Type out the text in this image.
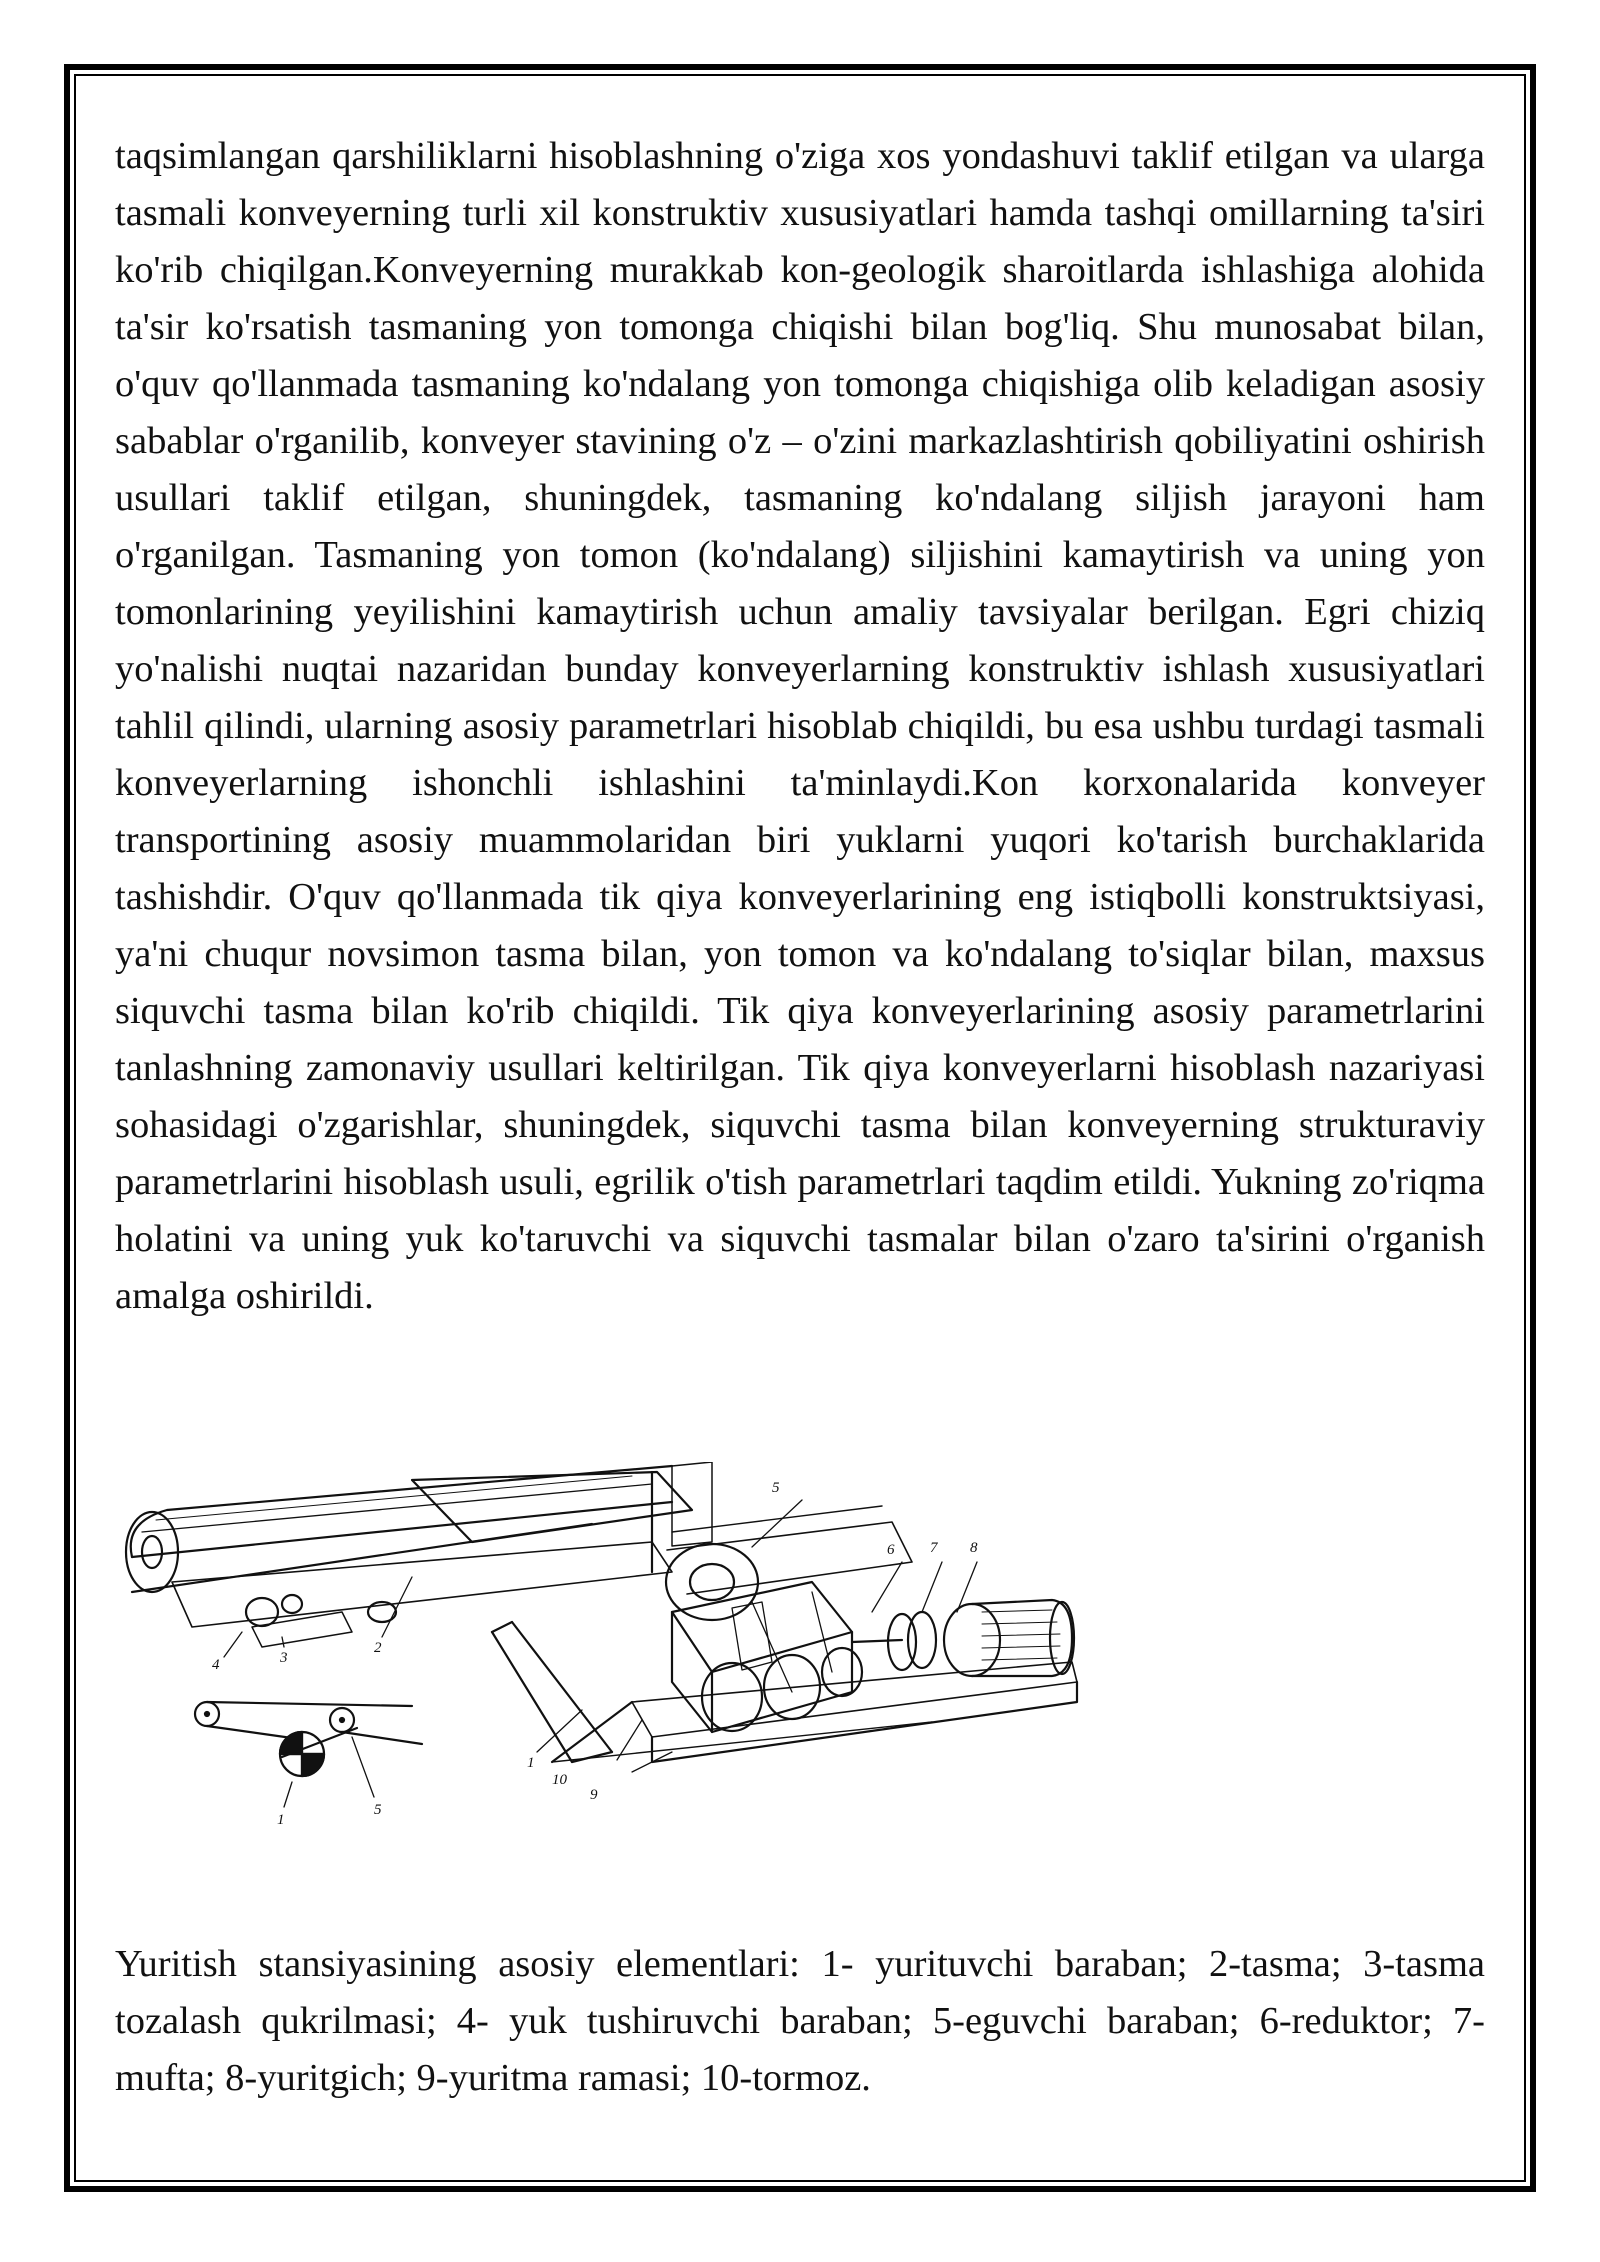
taqsimlangan qarshiliklarni hisoblashning o'ziga xos yondashuvi taklif etilgan va ularga tasmali konveyerning turli xil konstruktiv xususiyatlari hamda tashqi omillarning ta'siri ko'rib chiqilgan.Konveyerning murakkab kon-geologik sharoitlarda ishlashiga alohida ta'sir ko'rsatish tasmaning yon tomonga chiqishi bilan bog'liq. Shu munosabat bilan, o'quv qo'llanmada tasmaning ko'ndalang yon tomonga chiqishiga olib keladigan asosiy sabablar o'rganilib, konveyer stavining o'z – o'zini markazlashtirish qobiliyatini oshirish usullari taklif etilgan, shuningdek, tasmaning ko'ndalang siljish jarayoni ham o'rganilgan. Tasmaning yon tomon (ko'ndalang) siljishini kamaytirish va uning yon tomonlarining yeyilishini kamaytirish uchun amaliy tavsiyalar berilgan. Egri chiziq yo'nalishi nuqtai nazaridan bunday konveyerlarning konstruktiv ishlash xususiyatlari tahlil qilindi, ularning asosiy parametrlari hisoblab chiqildi, bu esa ushbu turdagi tasmali konveyerlarning ishonchli ishlashini ta'minlaydi.Kon korxonalarida konveyer transportining asosiy muammolaridan biri yuklarni yuqori ko'tarish burchaklarida tashishdir. O'quv qo'llanmada tik qiya konveyerlarining eng istiqbolli konstruktsiyasi, ya'ni chuqur novsimon tasma bilan, yon tomon va ko'ndalang to'siqlar bilan, maxsus siquvchi tasma bilan ko'rib chiqildi. Tik qiya konveyerlarining asosiy parametrlarini tanlashning zamonaviy usullari keltirilgan. Tik qiya konveyerlarni hisoblash nazariyasi sohasidagi o'zgarishlar, shuningdek, siquvchi tasma bilan konveyerning strukturaviy parametrlarini hisoblash usuli, egrilik o'tish parametrlari taqdim etildi. Yukning zo'riqma holatini va uning yuk ko'taruvchi va siquvchi tasmalar bilan o'zaro ta'sirini o'rganish amalga oshirildi.

5
6 7 8
4	3
2
1
10
9
1
5

Yuritish stansiyasining asosiy elementlari: 1- yurituvchi baraban; 2-tasma; 3-tasma tozalash qukrilmasi; 4- yuk tushiruvchi baraban; 5-eguvchi baraban; 6-reduktor; 7-mufta; 8-yuritgich; 9-yuritma ramasi; 10-tormoz.
